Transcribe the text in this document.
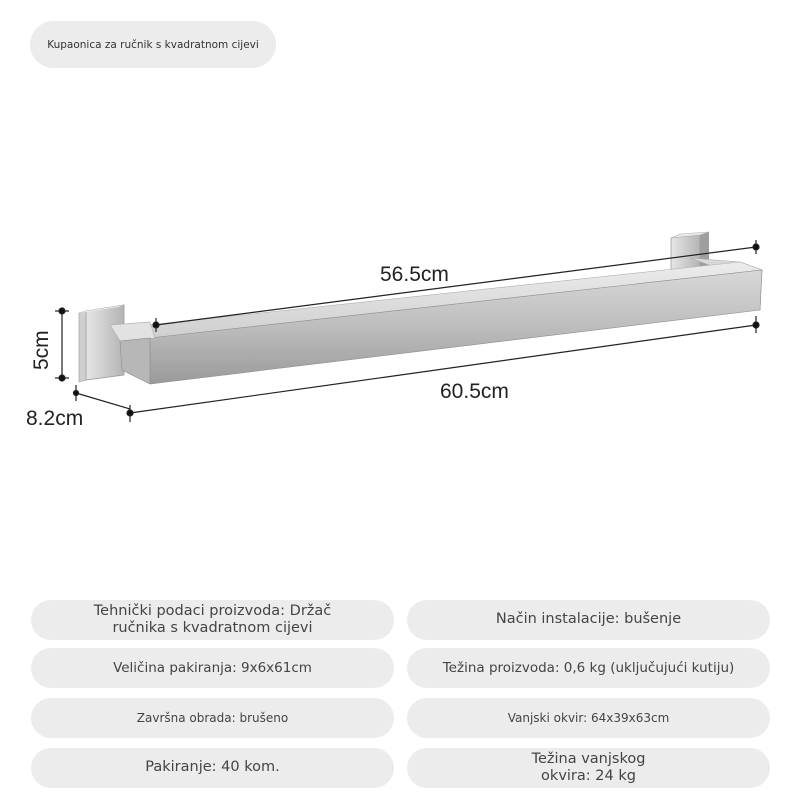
Kupaonica za ručnik s kvadratnom cijevi
56.5cm
60.5cm
5cm
8.2cm
Tehnički podaci proizvoda: Držač ručnika s kvadratnom cijevi
Način instalacije: bušenje
Veličina pakiranja: 9x6x61cm	Težina proizvoda: 0,6 kg (uključujući kutiju)
Završna obrada: brušeno	Vanjski okvir: 64x39x63cm
Pakiranje: 40 kom.
Težina vanjskog okvira: 24 kg
